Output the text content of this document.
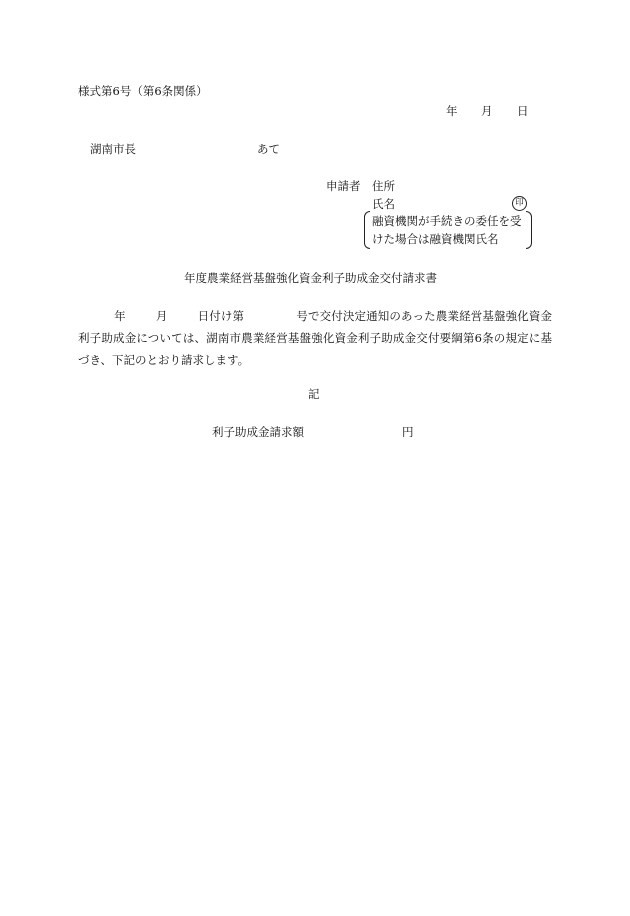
様式第6号（第6条関係）
年 月 日
湖南市長	あて
申請者 住所
氏名	印
融資機関が手続きの委任を受
けた場合は融資機関氏名
年度農業経営基盤強化資金利子助成金交付請求書
年	月	日付け第	号で交付決定通知のあった農業経営基盤強化資金利子助成金については、湖南市農業経営基盤強化資金利子助成金交付要綱第6条の規定に基づき、下記のとおり請求します。
記
利子助成金請求額	円
